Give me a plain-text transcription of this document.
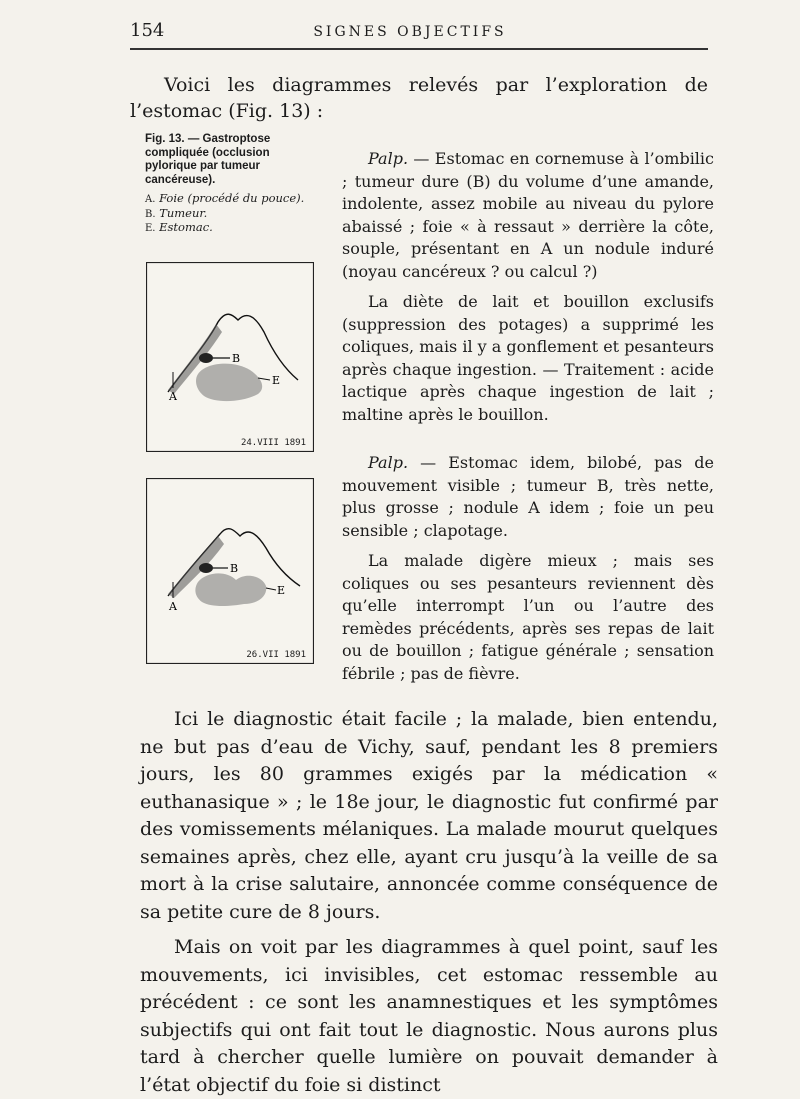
154	SIGNES OBJECTIFS
Voici les diagrammes relevés par l’exploration de l’estomac (Fig. 13) :

Fig. 13. — Gastroptose compliquée (occlusion pylorique par tumeur cancéreuse).

A. Foie (procédé du pouce).
B. Tumeur.
E. Estomac.
B
E
A
24.VIII 1891
B
E
A
26.VII 1891

Palp. — Estomac en cornemuse à l’ombilic ; tumeur dure (B) du volume d’une amande, indolente, assez mobile au niveau du pylore abaissé ; foie « à ressaut » derrière la côte, souple, présentant en A un nodule induré (noyau cancéreux ? ou calcul ?)

La diète de lait et bouillon exclusifs (suppression des potages) a supprimé les coliques, mais il y a gonflement et pesanteurs après chaque ingestion. — Traitement : acide lactique après chaque ingestion de lait ; maltine après le bouillon.

Palp. — Estomac idem, bilobé, pas de mouvement visible ; tumeur B, très nette, plus grosse ; nodule A idem ; foie un peu sensible ; clapotage.

La malade digère mieux ; mais ses coliques ou ses pesanteurs reviennent dès qu’elle interrompt l’un ou l’autre des remèdes précédents, après ses repas de lait ou de bouillon ; fatigue générale ; sensation fébrile ; pas de fièvre.

Ici le diagnostic était facile ; la malade, bien entendu, ne but pas d’eau de Vichy, sauf, pendant les 8 premiers jours, les 80 grammes exigés par la médication « euthanasique » ; le 18e jour, le diagnostic fut confirmé par des vomissements mélaniques. La malade mourut quelques semaines après, chez elle, ayant cru jusqu’à la veille de sa mort à la crise salutaire, annoncée comme conséquence de sa petite cure de 8 jours.

Mais on voit par les diagrammes à quel point, sauf les mouvements, ici invisibles, cet estomac ressemble au précédent : ce sont les anamnestiques et les symptômes subjectifs qui ont fait tout le diagnostic. Nous aurons plus tard à chercher quelle lumière on pouvait demander à l’état objectif du foie si distinct
